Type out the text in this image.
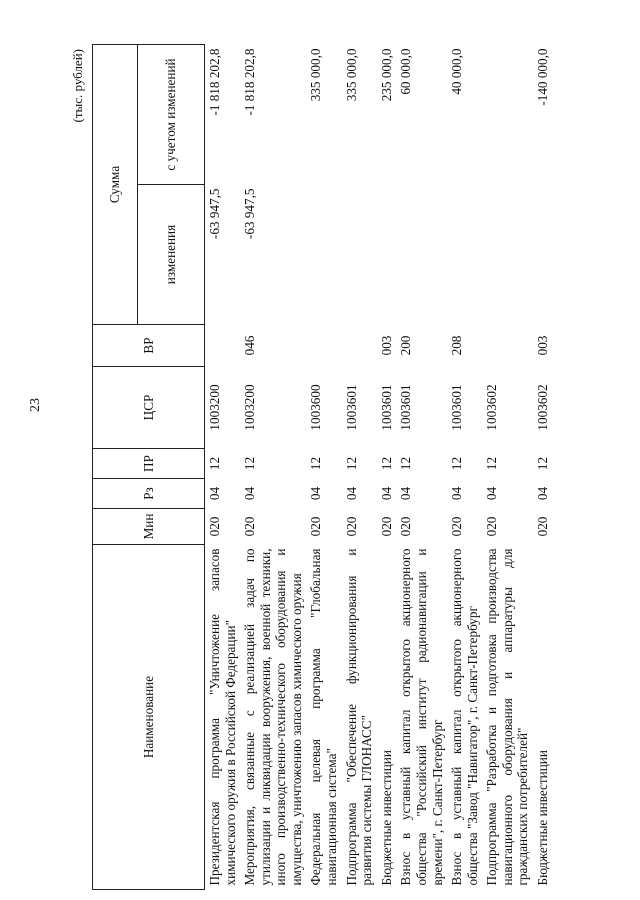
23
(тыс. рублей)
Наименование	Мин	Рз	ПР	ЦСР	ВР	Сумма	
						изменения	с учетом изменений
Президентская программа "Уничтожение запасов химического оружия в Российской Федерации"	020	04	12	1003200		-63 947,5	-1 818 202,8
Мероприятия, связанные с реализацией задач по утилизации и ликвидации вооружения, военной техники, иного производственно-технического оборудования и имущества, уничтожению запасов химического оружия	020	04	12	1003200	046	-63 947,5	-1 818 202,8
Федеральная целевая программа "Глобальная навигационная система"	020	04	12	1003600			335 000,0
Подпрограмма "Обеспечение функционирования и развития системы ГЛОНАСС"	020	04	12	1003601			335 000,0
Бюджетные инвестиции	020	04	12	1003601	003		235 000,0
Взнос в уставный капитал открытого акционерного общества "Российский институт радионавигации и времени", г. Санкт-Петербург	020	04	12	1003601	200		60 000,0
Взнос в уставный капитал открытого акционерного общества "Завод "Навигатор", г. Санкт-Петербург	020	04	12	1003601	208		40 000,0
Подпрограмма "Разработка и подготовка производства навигационного оборудования и аппаратуры для гражданских потребителей"	020	04	12	1003602			
Бюджетные инвестиции	020	04	12	1003602	003		-140 000,0
